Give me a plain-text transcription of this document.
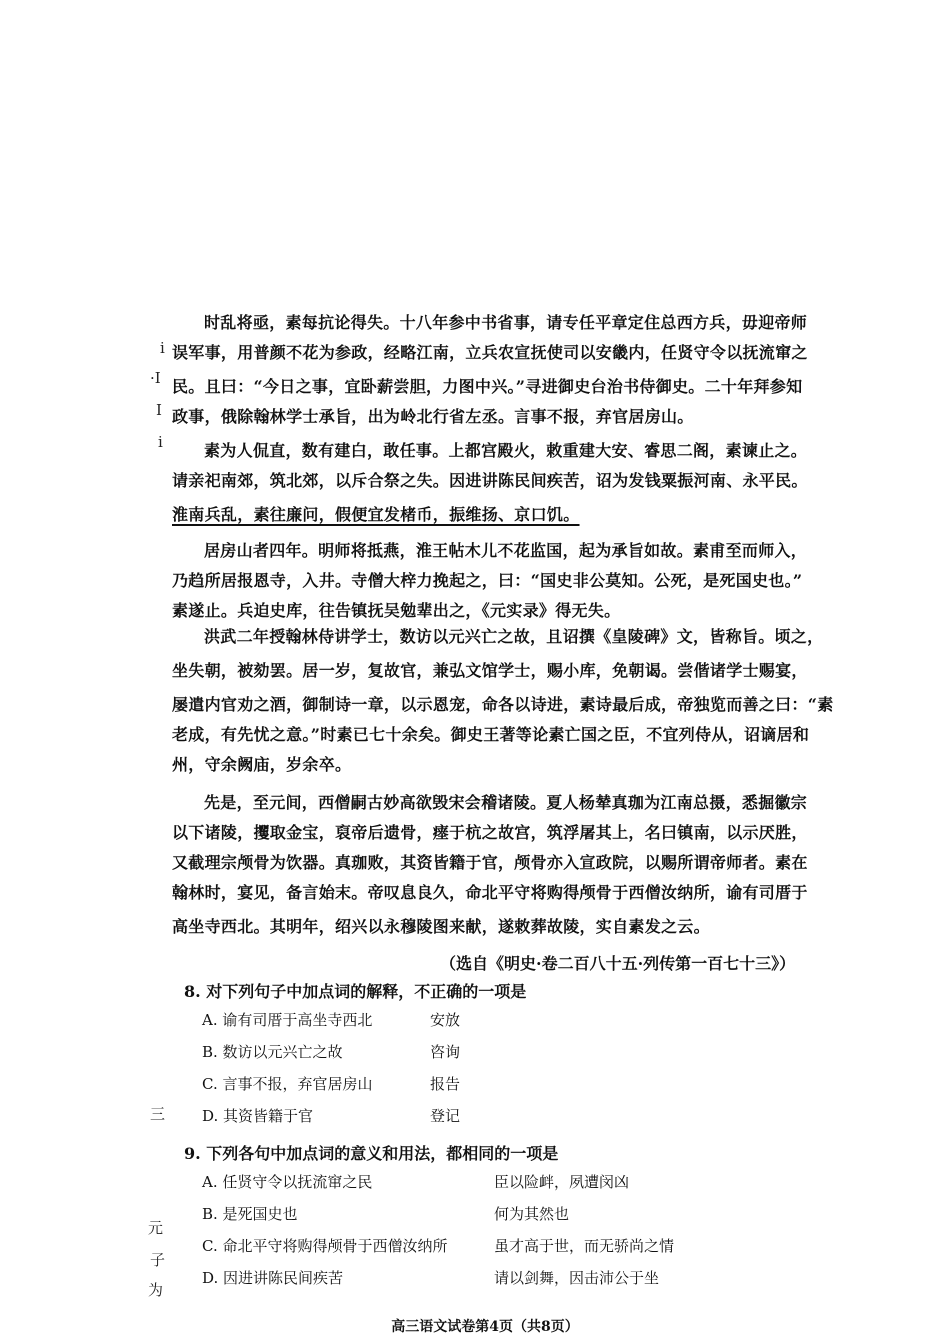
i
·I
I
i
三
元
子
为
时乱将亟，素每抗论得失。十八年参中书省事，请专任平章定住总西方兵，毋迎帝师
误军事，用普颜不花为参政，经略江南，立兵农宣抚使司以安畿内，任贤守令以抚流窜之
民。且曰：“今日之事，宜卧薪尝胆，力图中兴。”寻进御史台治书侍御史。二十年拜参知
政事，俄除翰林学士承旨，出为岭北行省左丞。言事不报，弃官居房山。
素为人侃直，数有建白，敢任事。上都宫殿火，敕重建大安、睿思二阁，素谏止之。
请亲祀南郊，筑北郊，以斥合祭之失。因进讲陈民间疾苦，诏为发钱粟振河南、永平民。
淮南兵乱，素往廉问，假便宜发楮币，振维扬、京口饥。
居房山者四年。明师将抵燕，淮王帖木儿不花监国，起为承旨如故。素甫至而师入，
乃趋所居报恩寺，入井。寺僧大梓力挽起之，曰：“国史非公莫知。公死，是死国史也。”
素遂止。兵迫史库，往告镇抚吴勉辈出之，《元实录》得无失。
洪武二年授翰林侍讲学士，数访以元兴亡之故，且诏撰《皇陵碑》文，皆称旨。顷之，
坐失朝，被劾罢。居一岁，复故官，兼弘文馆学士，赐小库，免朝谒。尝偕诸学士赐宴，
屡遣内官劝之酒，御制诗一章，以示恩宠，命各以诗进，素诗最后成，帝独览而善之曰：“素
老成，有先忧之意。”时素已七十余矣。御史王著等论素亡国之臣，不宜列侍从，诏谪居和
州，守余阙庙，岁余卒。
先是，至元间，西僧嗣古妙高欲毁宋会稽诸陵。夏人杨辇真珈为江南总摄，悉掘徽宗
以下诸陵，攫取金宝，裒帝后遗骨，瘗于杭之故宫，筑浮屠其上，名曰镇南，以示厌胜，
又截理宗颅骨为饮器。真珈败，其资皆籍于官，颅骨亦入宣政院，以赐所谓帝师者。素在
翰林时，宴见，备言始末。帝叹息良久，命北平守将购得颅骨于西僧汝纳所，谕有司厝于
高坐寺西北。其明年，绍兴以永穆陵图来献，遂敕葬故陵，实自素发之云。
（选自《明史·卷二百八十五·列传第一百七十三》）
8. 对下列句子中加点词的解释，不正确的一项是
A. 谕有司厝于高坐寺西北	安放
B. 数访以元兴亡之故	咨询
C. 言事不报，弃官居房山	报告
D. 其资皆籍于官	登记
9. 下列各句中加点词的意义和用法，都相同的一项是
A. 任贤守令以抚流窜之民	臣以险衅，夙遭闵凶
B. 是死国史也	何为其然也
C. 命北平守将购得颅骨于西僧汝纳所	虽才高于世，而无骄尚之情
D. 因进讲陈民间疾苦	请以剑舞，因击沛公于坐
高三语文试卷第4页（共8页）
